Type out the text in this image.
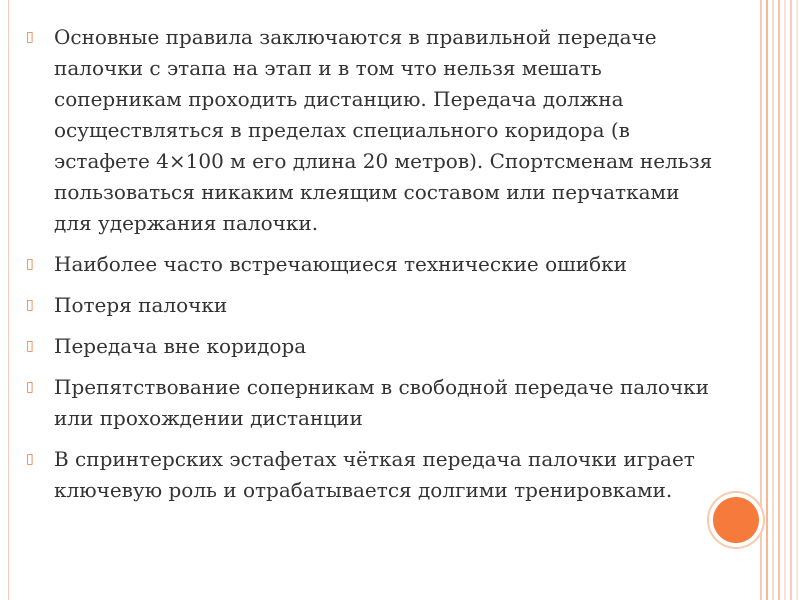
▯ Основные правила заключаются в правильной передаче палочки с этапа на этап и в том что нельзя мешать соперникам проходить дистанцию. Передача должна осуществляться в пределах специального коридора (в эстафете 4×100 м его длина 20 метров). Спортсменам нельзя пользоваться никаким клеящим составом или перчатками для удержания палочки.
▯ Наиболее часто встречающиеся технические ошибки
▯ Потеря палочки
▯ Передача вне коридора
▯ Препятствование соперникам в свободной передаче палочки или прохождении дистанции
▯ В спринтерских эстафетах чёткая передача палочки играет ключевую роль и отрабатывается долгими тренировками.
